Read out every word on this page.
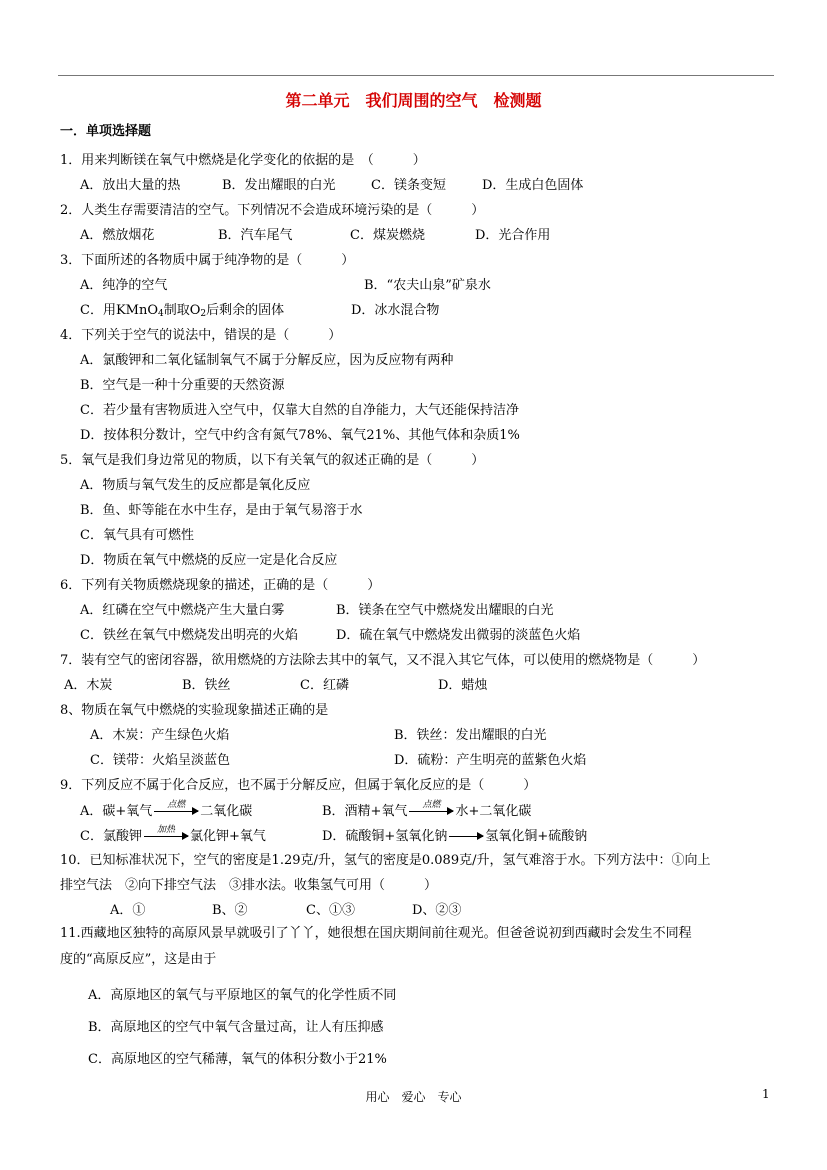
第二单元　我们周围的空气　检测题
一．单项选择题
1．用来判断镁在氧气中燃烧是化学变化的依据的是　（　　　）
A．放出大量的热	B．发出耀眼的白光	C．镁条变短	D．生成白色固体
2．人类生存需要清洁的空气。下列情况不会造成环境污染的是（　　　）
A．燃放烟花	B．汽车尾气	C．煤炭燃烧	D．光合作用
3．下面所述的各物质中属于纯净物的是（　　　）
A．纯净的空气	B．“农夫山泉”矿泉水
C．用KMnO$_4$制取$O_2$后剩余的固体	D．冰水混合物
4．下列关于空气的说法中，错误的是（　　　）
A．氯酸钾和二氧化锰制氧气不属于分解反应，因为反应物有两种
B．空气是一种十分重要的天然资源
C．若少量有害物质进入空气中，仅靠大自然的自净能力，大气还能保持洁净
D．按体积分数计，空气中约含有氮气78%、氧气21%、其他气体和杂质1%
5．氧气是我们身边常见的物质，以下有关氧气的叙述正确的是（　　　）
A．物质与氧气发生的反应都是氧化反应
B．鱼、虾等能在水中生存，是由于氧气易溶于水
C．氧气具有可燃性
D．物质在氧气中燃烧的反应一定是化合反应
6．下列有关物质燃烧现象的描述，正确的是（　　　）
A．红磷在空气中燃烧产生大量白雾	B．镁条在空气中燃烧发出耀眼的白光
C．铁丝在氧气中燃烧发出明亮的火焰	D．硫在氧气中燃烧发出微弱的淡蓝色火焰
7．装有空气的密闭容器，欲用燃烧的方法除去其中的氧气，又不混入其它气体，可以使用的燃烧物是（　　　）
A．木炭	B．铁丝	C．红磷	D．蜡烛
8、物质在氧气中燃烧的实验现象描述正确的是
A．木炭：产生绿色火焰	B．铁丝：发出耀眼的白光
C．镁带：火焰呈淡蓝色	D．硫粉：产生明亮的蓝紫色火焰
9．下列反应不属于化合反应，也不属于分解反应，但属于氧化反应的是（　　　）
A．碳+氧气	点燃	二氧化碳	B．酒精+氧气	点燃	水+二氧化碳
C．氯酸钾	加热	氯化钾+氧气	D．硫酸铜+氢氧化钠	氢氧化铜+硫酸钠
10．已知标准状况下，空气的密度是1.29克/升，氢气的密度是0.089克/升，氢气难溶于水。下列方法中：①向上
排空气法　②向下排空气法　③排水法。收集氢气可用（　　　）
A．①	B、②	C、①③	D、②③
11.西藏地区独特的高原风景早就吸引了丫丫，她很想在国庆期间前往观光。但爸爸说初到西藏时会发生不同程
度的“高原反应”，这是由于
A．高原地区的氧气与平原地区的氧气的化学性质不同
B．高原地区的空气中氧气含量过高，让人有压抑感
C．高原地区的空气稀薄，氧气的体积分数小于21%
用心　爱心　专心	1
